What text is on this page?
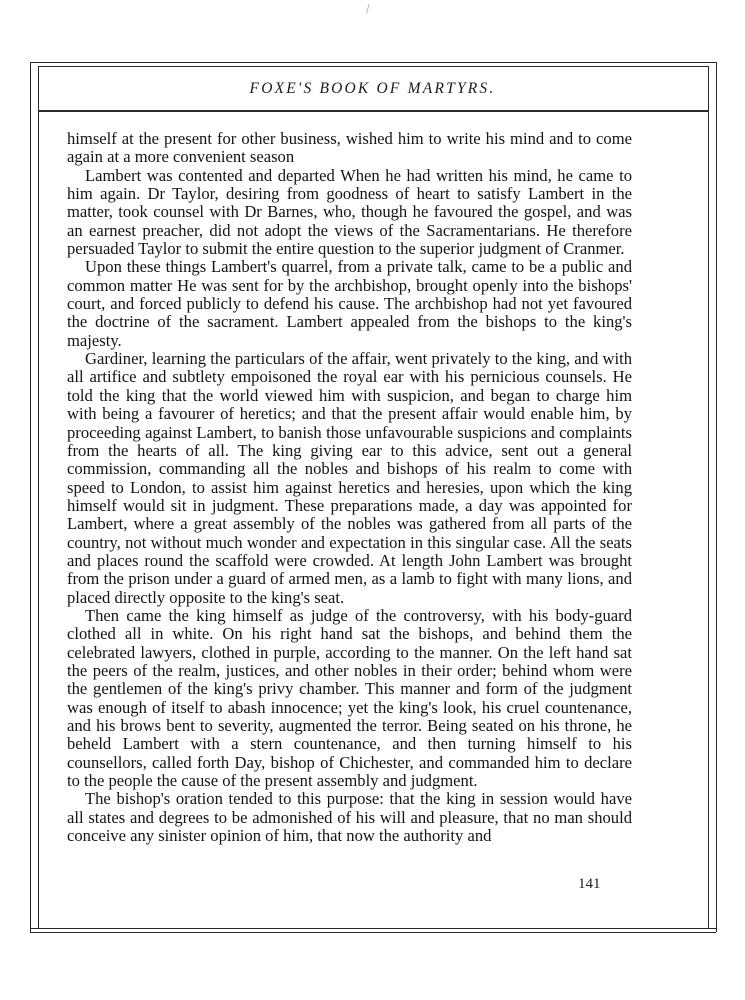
/
FOXE'S BOOK OF MARTYRS.

himself at the present for other business, wished him to write his mind and to come again at a more convenient season

Lambert was contented and departed When he had written his mind, he came to him again. Dr Taylor, desiring from goodness of heart to satisfy Lambert in the matter, took counsel with Dr Barnes, who, though he favoured the gospel, and was an earnest preacher, did not adopt the views of the Sacramentarians. He therefore persuaded Taylor to submit the entire question to the superior judgment of Cranmer.

Upon these things Lambert's quarrel, from a private talk, came to be a public and common matter He was sent for by the archbishop, brought openly into the bishops' court, and forced publicly to defend his cause. The archbishop had not yet favoured the doctrine of the sacrament. Lambert appealed from the bishops to the king's majesty.

Gardiner, learning the particulars of the affair, went privately to the king, and with all artifice and subtlety empoisoned the royal ear with his pernicious counsels. He told the king that the world viewed him with suspicion, and began to charge him with being a favourer of heretics; and that the present affair would enable him, by proceeding against Lambert, to banish those unfavourable suspicions and complaints from the hearts of all. The king giving ear to this advice, sent out a general commission, commanding all the nobles and bishops of his realm to come with speed to London, to assist him against heretics and heresies, upon which the king himself would sit in judgment. These preparations made, a day was appointed for Lambert, where a great assembly of the nobles was gathered from all parts of the country, not without much wonder and expectation in this singular case. All the seats and places round the scaffold were crowded. At length John Lambert was brought from the prison under a guard of armed men, as a lamb to fight with many lions, and placed directly opposite to the king's seat.

Then came the king himself as judge of the controversy, with his body-guard clothed all in white. On his right hand sat the bishops, and behind them the celebrated lawyers, clothed in purple, according to the manner. On the left hand sat the peers of the realm, justices, and other nobles in their order; behind whom were the gentlemen of the king's privy chamber. This manner and form of the judgment was enough of itself to abash innocence; yet the king's look, his cruel countenance, and his brows bent to severity, augmented the terror. Being seated on his throne, he beheld Lambert with a stern countenance, and then turning himself to his counsellors, called forth Day, bishop of Chichester, and commanded him to declare to the people the cause of the present assembly and judgment.

The bishop's oration tended to this purpose: that the king in session would have all states and degrees to be admonished of his will and pleasure, that no man should conceive any sinister opinion of him, that now the authority and

141
